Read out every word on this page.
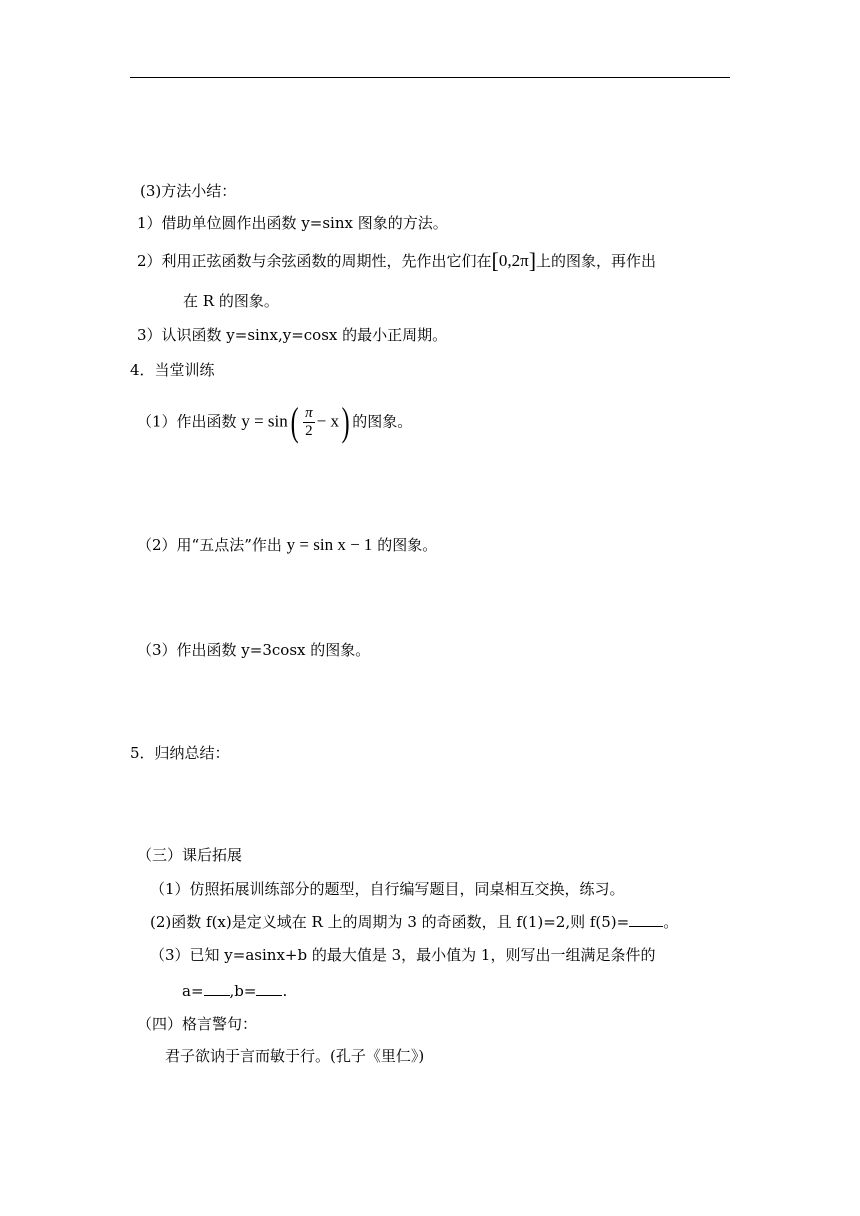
(3)方法小结：
1）借助单位圆作出函数 y=sinx 图象的方法。
2）利用正弦函数与余弦函数的周期性，先作出它们在[0,2π]上的图象，再作出
在 R 的图象。
3）认识函数 y=sinx,y=cosx 的最小正周期。
4．当堂训练
（1）作出函数 $y = \sin( \frac{\pi}{2} - x)$ 的图象。
（2）用“五点法”作出 y = sin x − 1 的图象。
（3）作出函数 y=3cosx 的图象。
5．归纳总结：
（三）课后拓展
（1）仿照拓展训练部分的题型，自行编写题目，同桌相互交换，练习。
(2)函数 f(x)是定义域在 R 上的周期为 3 的奇函数，且 f(1)=2,则 f(5)= 。
（3）已知 y=asinx+b 的最大值是 3，最小值为 1，则写出一组满足条件的
a= ,b= .
（四）格言警句：
君子欲讷于言而敏于行。(孔子《里仁》)
